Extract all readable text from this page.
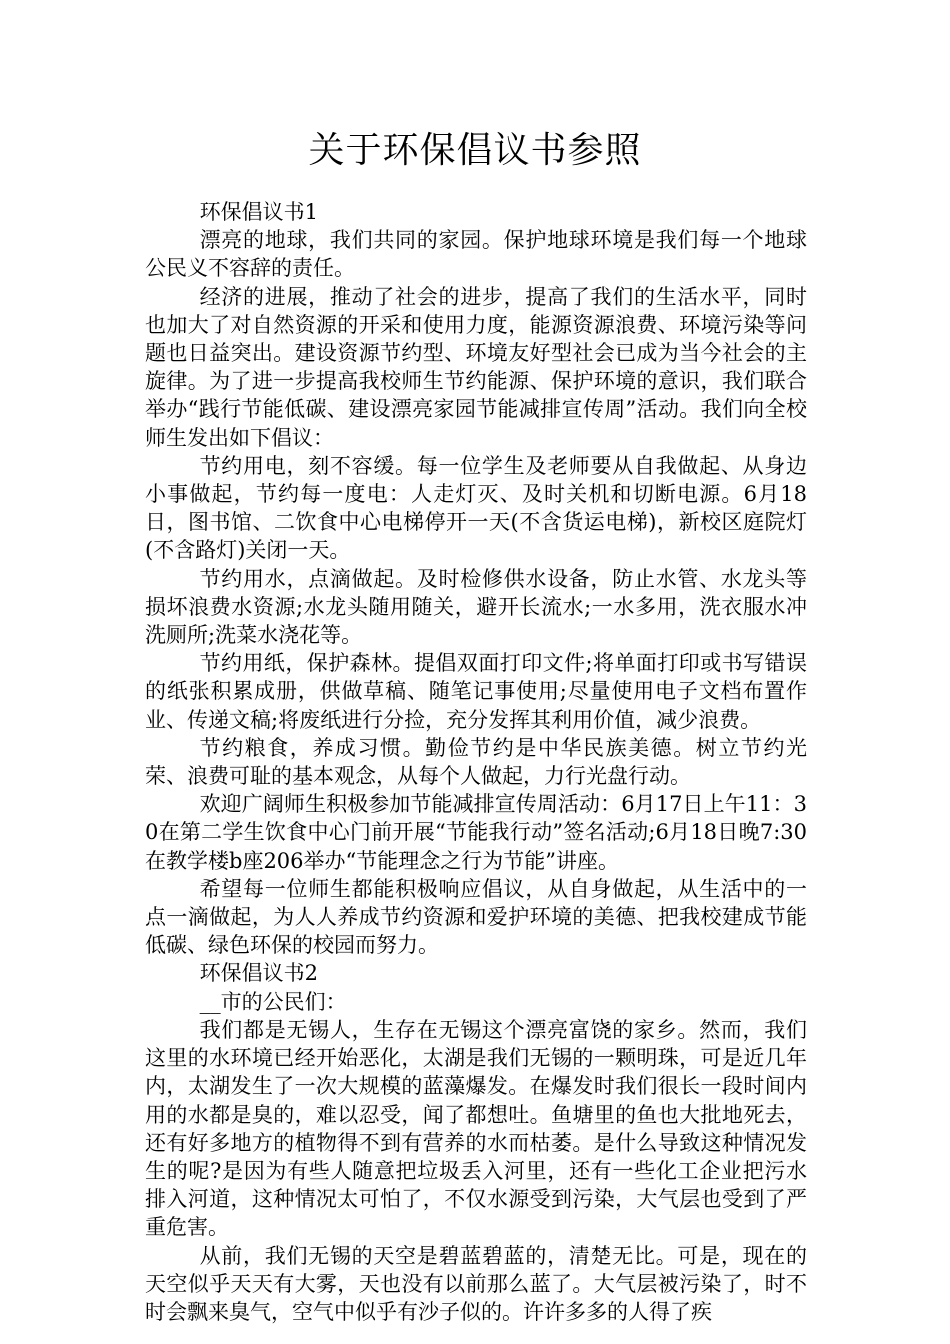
关于环保倡议书参照

环保倡议书1

漂亮的地球，我们共同的家园。保护地球环境是我们每一个地球公民义不容辞的责任。

经济的进展，推动了社会的进步，提高了我们的生活水平，同时也加大了对自然资源的开采和使用力度，能源资源浪费、环境污染等问题也日益突出。建设资源节约型、环境友好型社会已成为当今社会的主旋律。为了进一步提高我校师生节约能源、保护环境的意识，我们联合举办“践行节能低碳、建设漂亮家园节能减排宣传周”活动。我们向全校师生发出如下倡议：

节约用电，刻不容缓。每一位学生及老师要从自我做起、从身边小事做起，节约每一度电：人走灯灭、及时关机和切断电源。6月18日，图书馆、二饮食中心电梯停开一天(不含货运电梯)，新校区庭院灯(不含路灯)关闭一天。

节约用水，点滴做起。及时检修供水设备，防止水管、水龙头等损坏浪费水资源;水龙头随用随关，避开长流水;一水多用，洗衣服水冲洗厕所;洗菜水浇花等。

节约用纸，保护森林。提倡双面打印文件;将单面打印或书写错误的纸张积累成册，供做草稿、随笔记事使用;尽量使用电子文档布置作业、传递文稿;将废纸进行分捡，充分发挥其利用价值，减少浪费。

节约粮食，养成习惯。勤俭节约是中华民族美德。树立节约光荣、浪费可耻的基本观念，从每个人做起，力行光盘行动。

欢迎广阔师生积极参加节能减排宣传周活动：6月17日上午11：30在第二学生饮食中心门前开展“节能我行动”签名活动;6月18日晚7:30在教学楼b座206举办“节能理念之行为节能”讲座。

希望每一位师生都能积极响应倡议，从自身做起，从生活中的一点一滴做起，为人人养成节约资源和爱护环境的美德、把我校建成节能低碳、绿色环保的校园而努力。

环保倡议书2

__市的公民们：

我们都是无锡人，生存在无锡这个漂亮富饶的家乡。然而，我们这里的水环境已经开始恶化，太湖是我们无锡的一颗明珠，可是近几年内，太湖发生了一次大规模的蓝藻爆发。在爆发时我们很长一段时间内用的水都是臭的，难以忍受，闻了都想吐。鱼塘里的鱼也大批地死去，还有好多地方的植物得不到有营养的水而枯萎。是什么导致这种情况发生的呢?是因为有些人随意把垃圾丢入河里，还有一些化工企业把污水排入河道，这种情况太可怕了，不仅水源受到污染，大气层也受到了严重危害。

从前，我们无锡的天空是碧蓝碧蓝的，清楚无比。可是，现在的天空似乎天天有大雾，天也没有以前那么蓝了。大气层被污染了，时不时会飘来臭气，空气中似乎有沙子似的。许许多多的人得了疾
